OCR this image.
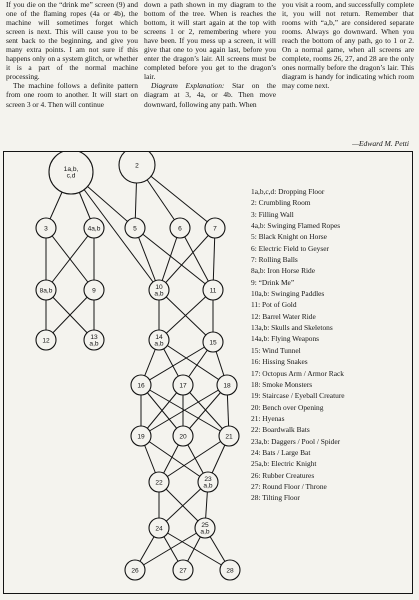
If you die on the “drink me” screen (9) and one of the flaming ropes (4a or 4b), the machine will sometimes forget which screen is next. This will cause you to be sent back to the beginning, and give you many extra points. I am not sure if this happens only on a system glitch, or whether it is a part of the normal machine processing.

The machine follows a definite pattern from one room to another. It will start on screen 3 or 4. Then will continue

down a path shown in my diagram to the bottom of the tree. When is reaches the bottom, it will start again at the top with screens 1 or 2, remembering where you have been. If you mess up a screen, it will give that one to you again last, before you enter the dragon’s lair. All screens must be completed before you get to the dragon’s lair.

Diagram Explanation: Star on the diagram at 3, 4a, or 4b. Then move downward, following any path. When

you visit a room, and successfully complete it, you will not return. Remember that rooms with “a,b,” are considered separate rooms. Always go downward. When you reach the bottom of any path, go to 1 or 2. On a normal game, when all screens are complete, rooms 26, 27, and 28 are the only ones normally before the dragon’s lair. This diagram is handy for indicating which room may come next.

—Edward M. Petti
1a,b,
c,d
2
3	4a,b	5	6	7
8a,b	9	10
a,b	11
12	13
a,b
14
a,b	15
16	17	18
19	20	21
22	23
a,b
24	25
a,b
26	27	28
1a,b,c,d: Dropping Floor
2: Crumbling Room
3: Filling Wall
4a,b: Swinging Flamed Ropes
5: Black Knight on Horse
6: Electric Field to Geyser
7: Rolling Balls
8a,b: Iron Horse Ride
9: “Drink Me”
10a,b: Swinging Paddles
11: Pot of Gold
12: Barrel Water Ride
13a,b: Skulls and Skeletons
14a,b: Flying Weapons
15: Wind Tunnel
16: Hissing Snakes
17: Octopus Arm / Armor Rack
18: Smoke Monsters
19: Staircase / Eyeball Creature
20: Bench over Opening
21: Hyenas
22: Boardwalk Bats
23a,b: Daggers / Pool / Spider
24: Bats / Large Bat
25a,b: Electric Knight
26: Rubber Creatures
27: Round Floor / Throne
28: Tilting Floor
